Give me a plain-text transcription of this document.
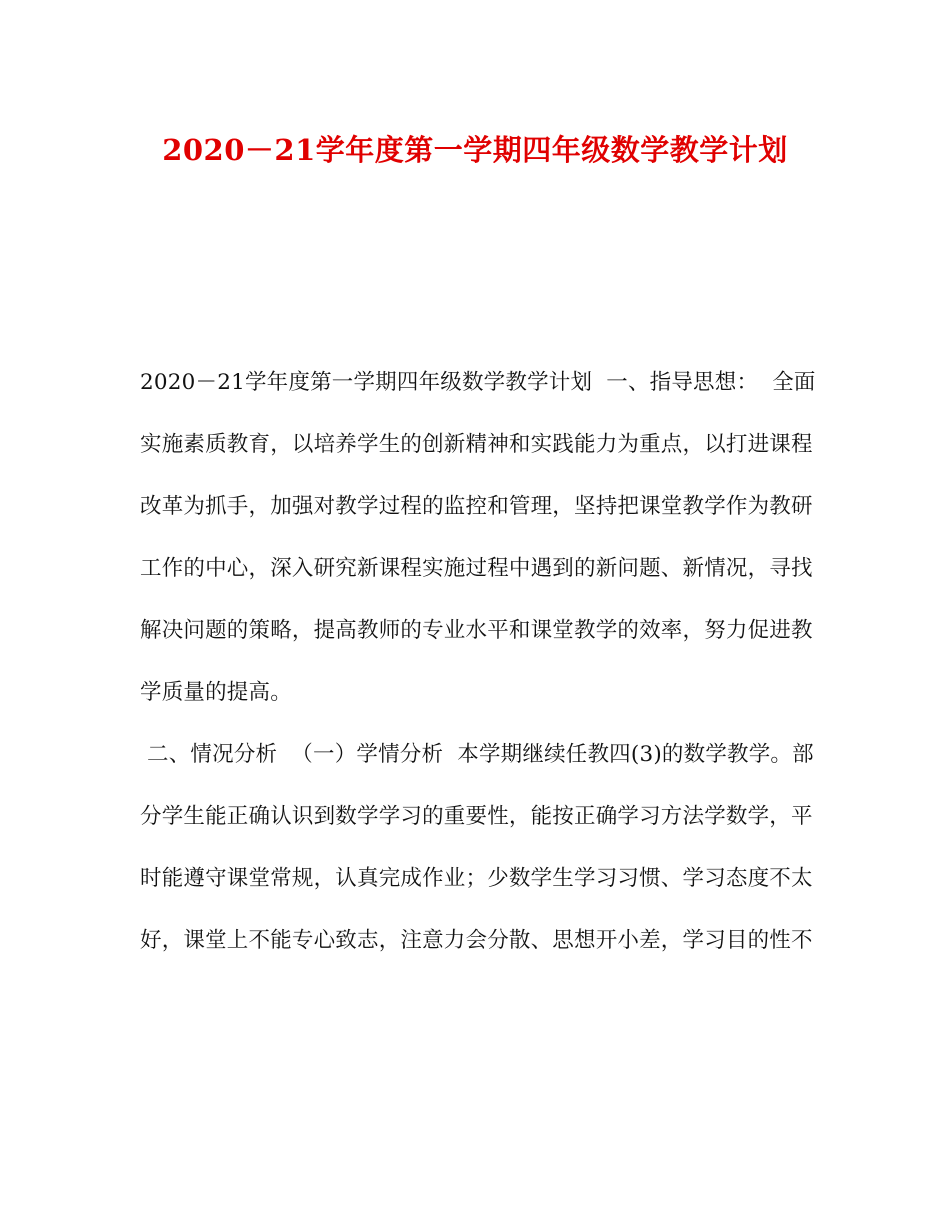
2020－21学年度第一学期四年级数学教学计划
2020－21学年度第一学期四年级数学教学计划  一、指导思想：  全面
实施素质教育，以培养学生的创新精神和实践能力为重点，以打进课程
改革为抓手，加强对教学过程的监控和管理，坚持把课堂教学作为教研
工作的中心，深入研究新课程实施过程中遇到的新问题、新情况，寻找
解决问题的策略，提高教师的专业水平和课堂教学的效率，努力促进教
学质量的提高。
二、情况分析  （一）学情分析  本学期继续任教四(3)的数学教学。部
分学生能正确认识到数学学习的重要性，能按正确学习方法学数学，平
时能遵守课堂常规，认真完成作业；少数学生学习习惯、学习态度不太
好，课堂上不能专心致志，注意力会分散、思想开小差，学习目的性不
